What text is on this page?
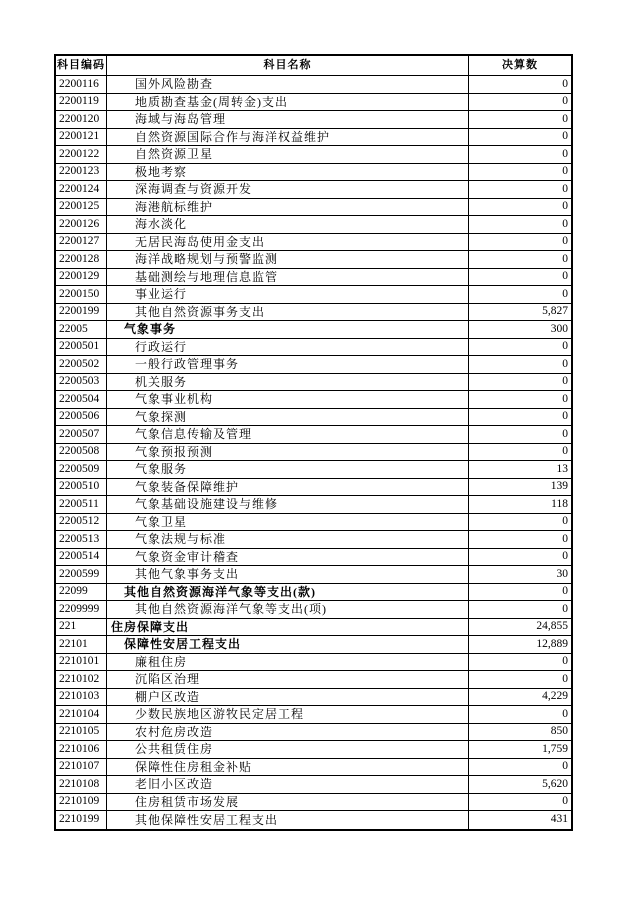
科目编码	科目名称	决算数
2200116	国外风险勘查	0
2200119	地质勘查基金(周转金)支出	0
2200120	海域与海岛管理	0
2200121	自然资源国际合作与海洋权益维护	0
2200122	自然资源卫星	0
2200123	极地考察	0
2200124	深海调查与资源开发	0
2200125	海港航标维护	0
2200126	海水淡化	0
2200127	无居民海岛使用金支出	0
2200128	海洋战略规划与预警监测	0
2200129	基础测绘与地理信息监管	0
2200150	事业运行	0
2200199	其他自然资源事务支出	5,827
22005	气象事务	300
2200501	行政运行	0
2200502	一般行政管理事务	0
2200503	机关服务	0
2200504	气象事业机构	0
2200506	气象探测	0
2200507	气象信息传输及管理	0
2200508	气象预报预测	0
2200509	气象服务	13
2200510	气象装备保障维护	139
2200511	气象基础设施建设与维修	118
2200512	气象卫星	0
2200513	气象法规与标准	0
2200514	气象资金审计稽查	0
2200599	其他气象事务支出	30
22099	其他自然资源海洋气象等支出(款)	0
2209999	其他自然资源海洋气象等支出(项)	0
221	住房保障支出	24,855
22101	保障性安居工程支出	12,889
2210101	廉租住房	0
2210102	沉陷区治理	0
2210103	棚户区改造	4,229
2210104	少数民族地区游牧民定居工程	0
2210105	农村危房改造	850
2210106	公共租赁住房	1,759
2210107	保障性住房租金补贴	0
2210108	老旧小区改造	5,620
2210109	住房租赁市场发展	0
2210199	其他保障性安居工程支出	431
